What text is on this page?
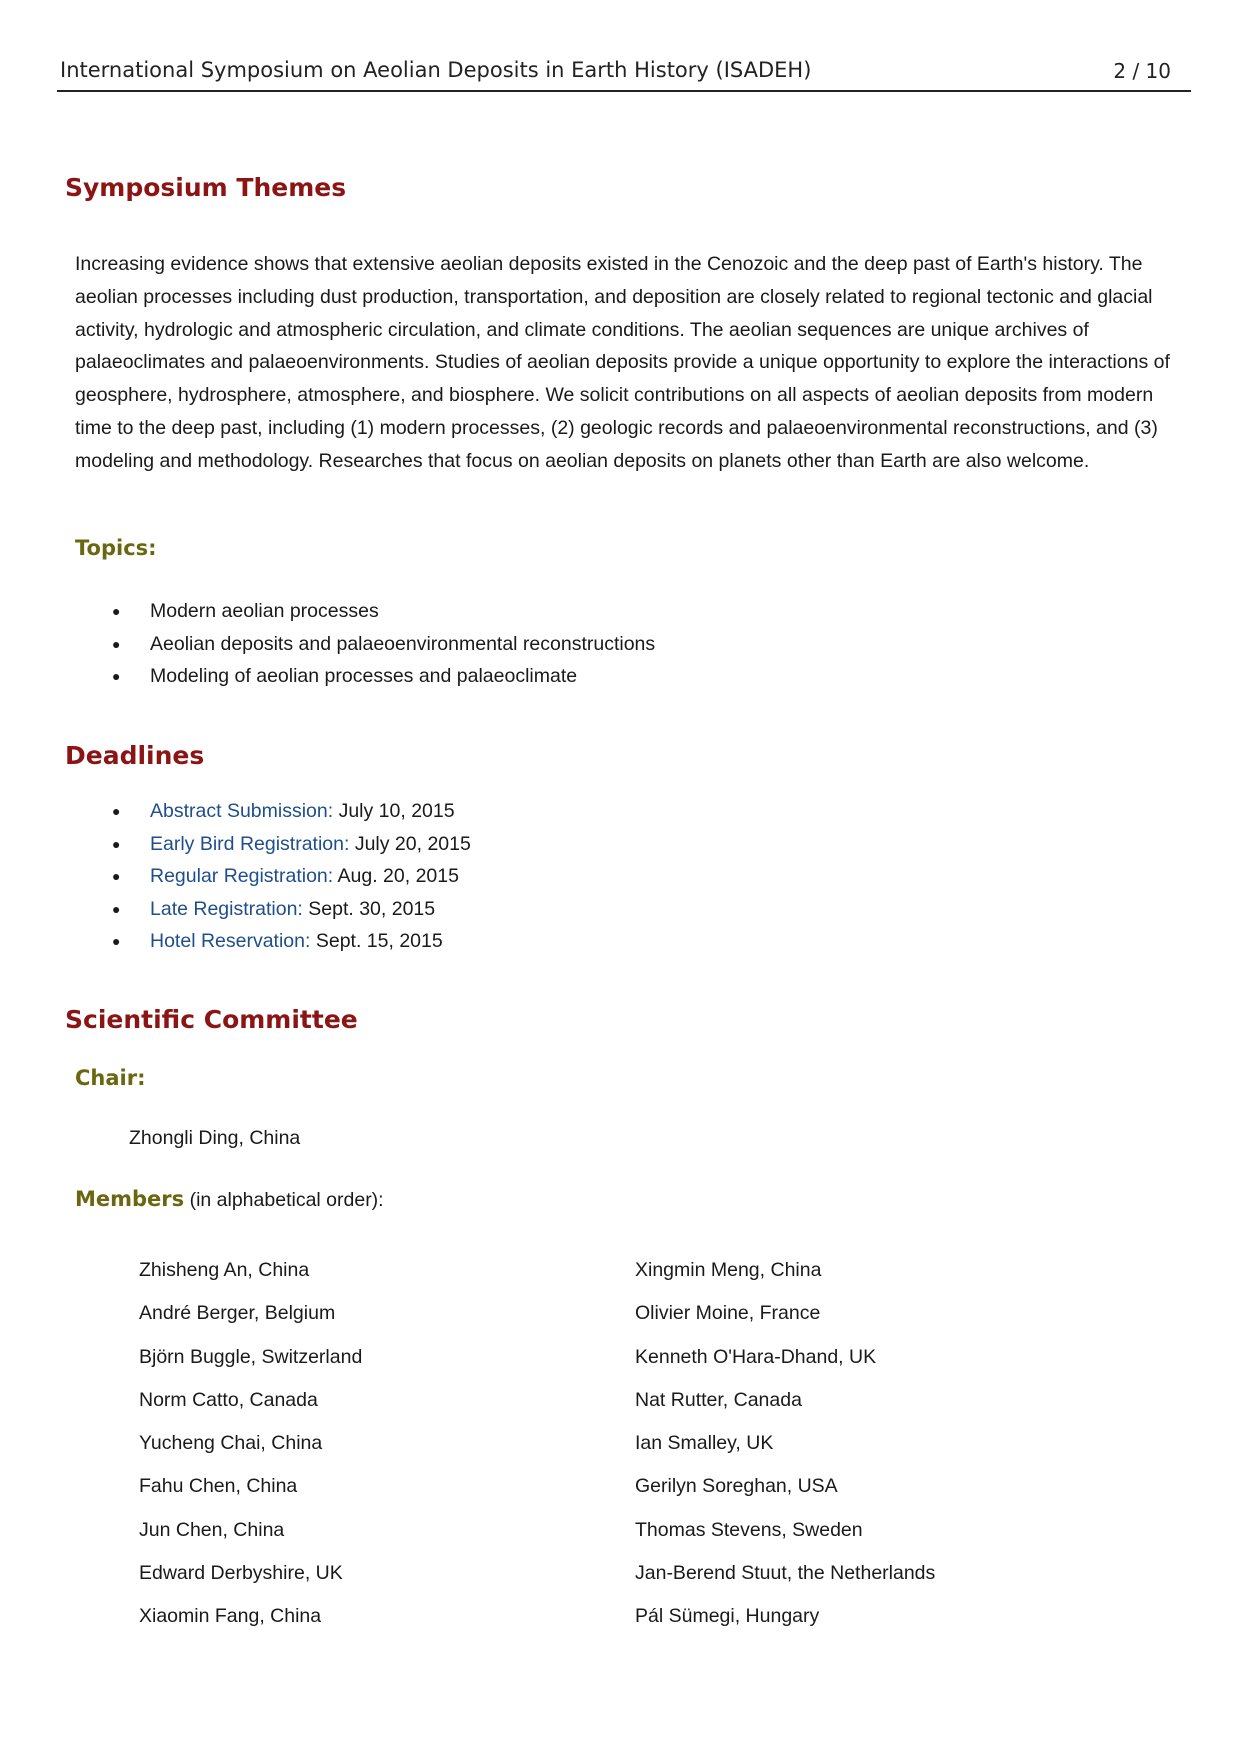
International Symposium on Aeolian Deposits in Earth History (ISADEH)	2 / 10
Symposium Themes

Increasing evidence shows that extensive aeolian deposits existed in the Cenozoic and the deep past of Earth's history. The aeolian processes including dust production, transportation, and deposition are closely related to regional tectonic and glacial activity, hydrologic and atmospheric circulation, and climate conditions. The aeolian sequences are unique archives of palaeoclimates and palaeoenvironments. Studies of aeolian deposits provide a unique opportunity to explore the interactions of geosphere, hydrosphere, atmosphere, and biosphere. We solicit contributions on all aspects of aeolian deposits from modern time to the deep past, including (1) modern processes, (2) geologic records and palaeoenvironmental reconstructions, and (3) modeling and methodology. Researches that focus on aeolian deposits on planets other than Earth are also welcome.

Topics:
● Modern aeolian processes
● Aeolian deposits and palaeoenvironmental reconstructions
● Modeling of aeolian processes and palaeoclimate
Deadlines
● Abstract Submission: July 10, 2015
● Early Bird Registration: July 20, 2015
● Regular Registration: Aug. 20, 2015
● Late Registration: Sept. 30, 2015
● Hotel Reservation: Sept. 15, 2015
Scientific Committee
Chair:
Zhongli Ding, China
Members (in alphabetical order):
Zhisheng An, China
André Berger, Belgium
Björn Buggle, Switzerland
Norm Catto, Canada
Yucheng Chai, China
Fahu Chen, China
Jun Chen, China
Edward Derbyshire, UK
Xiaomin Fang, China
Xingmin Meng, China
Olivier Moine, France
Kenneth O'Hara-Dhand, UK
Nat Rutter, Canada
Ian Smalley, UK
Gerilyn Soreghan, USA
Thomas Stevens, Sweden
Jan-Berend Stuut, the Netherlands
Pál Sümegi, Hungary
